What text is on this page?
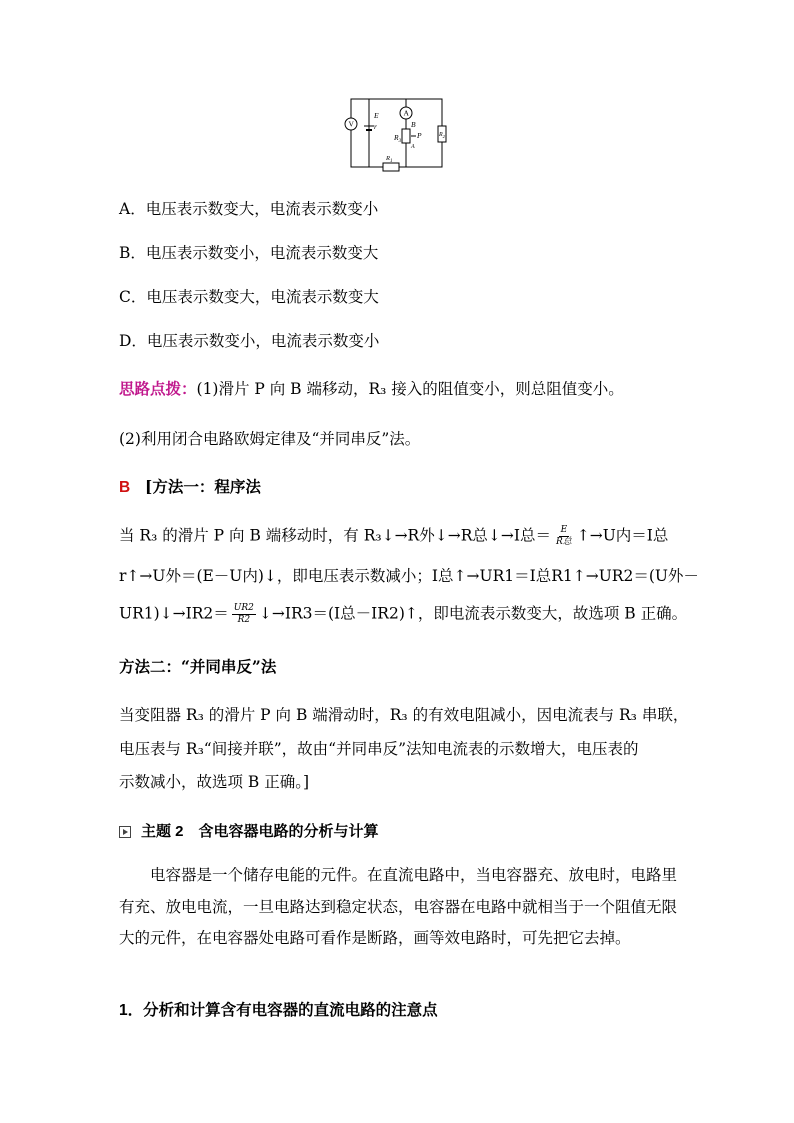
V
A
E
r	B
A
P
$R_3$
$R_2$
$R_1$
A．电压表示数变大，电流表示数变小
B．电压表示数变小，电流表示数变大
C．电压表示数变大，电流表示数变大
D．电压表示数变小，电流表示数变小
思路点拨：(1)滑片 P 向 B 端移动，R₃ 接入的阻值变小，则总阻值变小。
(2)利用闭合电路欧姆定律及“并同串反”法。
B [方法一：程序法
当 R₃ 的滑片 P 向 B 端移动时，有 R₃↓→R外↓→R总↓→I总＝ $\frac{E}{\text{R总}}$ ↑→U内＝I总
r↑→U外＝(E－U内)↓，即电压表示数减小；I总↑→UR1＝I总R1↑→UR2＝(U外－
UR1)↓→IR2＝ $\frac{UR2}{R2}$ ↓→IR3＝(I总－IR2)↑，即电流表示数变大，故选项 B 正确。
方法二：“并同串反”法
当变阻器 R₃ 的滑片 P 向 B 端滑动时，R₃ 的有效电阻减小，因电流表与 R₃ 串联，
电压表与 R₃“间接并联”，故由“并同串反”法知电流表的示数增大，电压表的
示数减小，故选项 B 正确。]
主题 2　含电容器电路的分析与计算
　　电容器是一个储存电能的元件。在直流电路中，当电容器充、放电时，电路里有充、放电电流，一旦电路达到稳定状态，电容器在电路中就相当于一个阻值无限大的元件，在电容器处电路可看作是断路，画等效电路时，可先把它去掉。
1．分析和计算含有电容器的直流电路的注意点
